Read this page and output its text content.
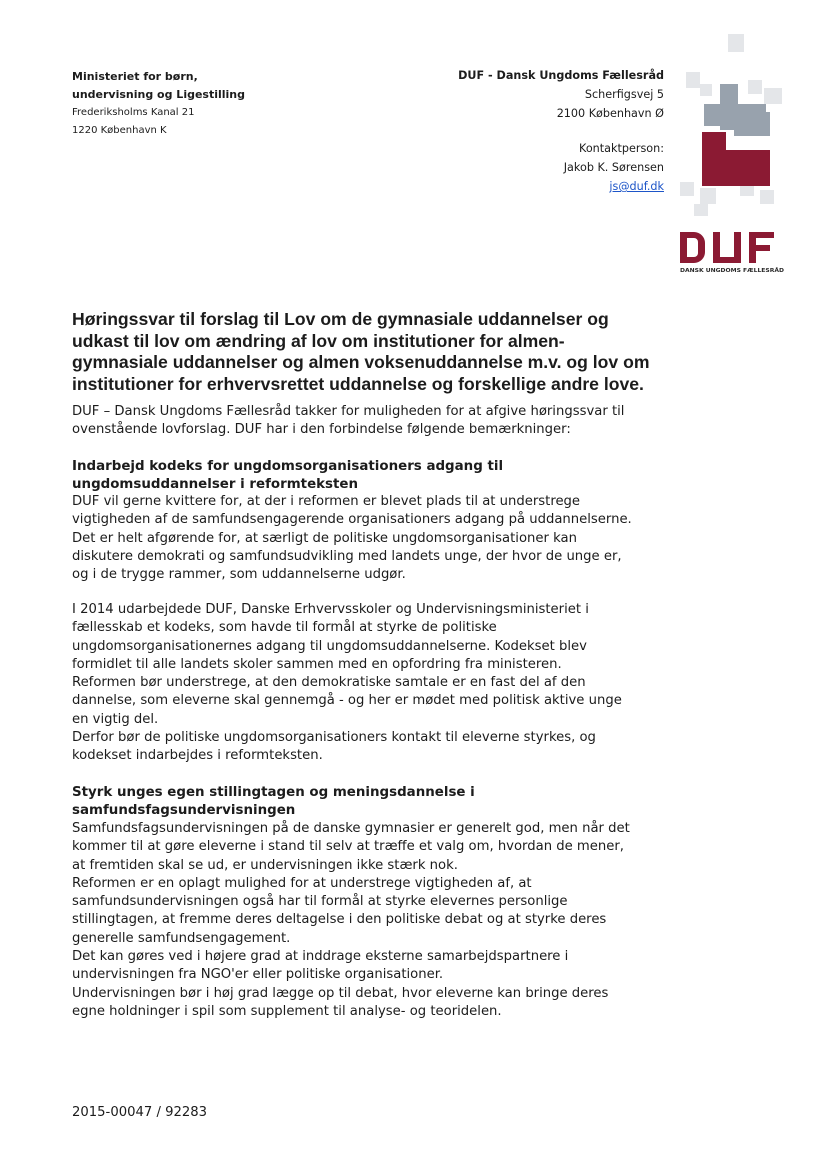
Ministeriet for børn,
undervisning og Ligestilling
Frederiksholms Kanal 21
1220 København K
DUF - Dansk Ungdoms Fællesråd
Scherfigsvej 5
2100 København Ø
Kontaktperson:
Jakob K. Sørensen
js@duf.dk
DANSK UNGDOMS FÆLLESRÅD
Høringssvar til forslag til Lov om de gymnasiale uddannelser og
udkast til lov om ændring af lov om institutioner for almen-
gymnasiale uddannelser og almen voksenuddannelse m.v. og lov om
institutioner for erhvervsrettet uddannelse og forskellige andre love.

DUF – Dansk Ungdoms Fællesråd takker for muligheden for at afgive høringssvar til
ovenstående lovforslag. DUF har i den forbindelse følgende bemærkninger:

Indarbejd kodeks for ungdomsorganisationers adgang til
ungdomsuddannelser i reformteksten

DUF vil gerne kvittere for, at der i reformen er blevet plads til at understrege
vigtigheden af de samfundsengagerende organisationers adgang på uddannelserne.
Det er helt afgørende for, at særligt de politiske ungdomsorganisationer kan
diskutere demokrati og samfundsudvikling med landets unge, der hvor de unge er,
og i de trygge rammer, som uddannelserne udgør.

I 2014 udarbejdede DUF, Danske Erhvervsskoler og Undervisningsministeriet i
fællesskab et kodeks, som havde til formål at styrke de politiske
ungdomsorganisationernes adgang til ungdomsuddannelserne. Kodekset blev
formidlet til alle landets skoler sammen med en opfordring fra ministeren.
Reformen bør understrege, at den demokratiske samtale er en fast del af den
dannelse, som eleverne skal gennemgå - og her er mødet med politisk aktive unge
en vigtig del.
Derfor bør de politiske ungdomsorganisationers kontakt til eleverne styrkes, og
kodekset indarbejdes i reformteksten.

Styrk unges egen stillingtagen og meningsdannelse i
samfundsfagsundervisningen

Samfundsfagsundervisningen på de danske gymnasier er generelt god, men når det
kommer til at gøre eleverne i stand til selv at træffe et valg om, hvordan de mener,
at fremtiden skal se ud, er undervisningen ikke stærk nok.
Reformen er en oplagt mulighed for at understrege vigtigheden af, at
samfundsundervisningen også har til formål at styrke elevernes personlige
stillingtagen, at fremme deres deltagelse i den politiske debat og at styrke deres
generelle samfundsengagement.
Det kan gøres ved i højere grad at inddrage eksterne samarbejdspartnere i
undervisningen fra NGO'er eller politiske organisationer.
Undervisningen bør i høj grad lægge op til debat, hvor eleverne kan bringe deres
egne holdninger i spil som supplement til analyse- og teoridelen.

2015-00047 / 92283
